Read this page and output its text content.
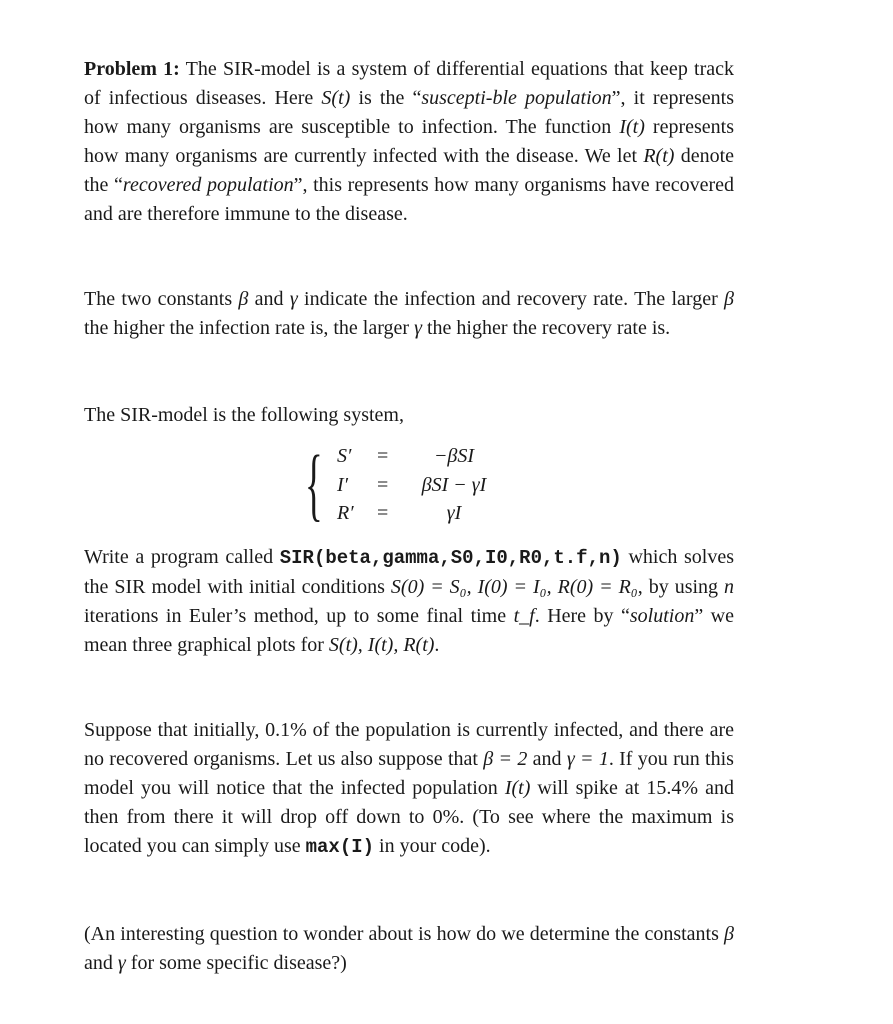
Problem 1: The SIR-model is a system of differential equations that keep track of infectious diseases. Here S(t) is the “suscepti-ble population”, it represents how many organisms are susceptible to infection. The function I(t) represents how many organisms are currently infected with the disease. We let R(t) denote the “recovered population”, this represents how many organisms have recovered and are therefore immune to the disease.
The two constants β and γ indicate the infection and recovery rate. The larger β the higher the infection rate is, the larger γ the higher the recovery rate is.
The SIR-model is the following system,
{ S′ =	−βSI
I′ =	βSI − γI
R′ =	γI
Write a program called SIR(beta,gamma,S0,I0,R0,t.f,n) which solves the SIR model with initial conditions S(0) = S₀, I(0) = I₀, R(0) = R₀, by using n iterations in Euler’s method, up to some final time t_f. Here by “solution” we mean three graphical plots for S(t), I(t), R(t).
Suppose that initially, 0.1% of the population is currently infected, and there are no recovered organisms. Let us also suppose that β = 2 and γ = 1. If you run this model you will notice that the infected population I(t) will spike at 15.4% and then from there it will drop off down to 0%. (To see where the maximum is located you can simply use max(I) in your code).
(An interesting question to wonder about is how do we determine the constants β and γ for some specific disease?)
